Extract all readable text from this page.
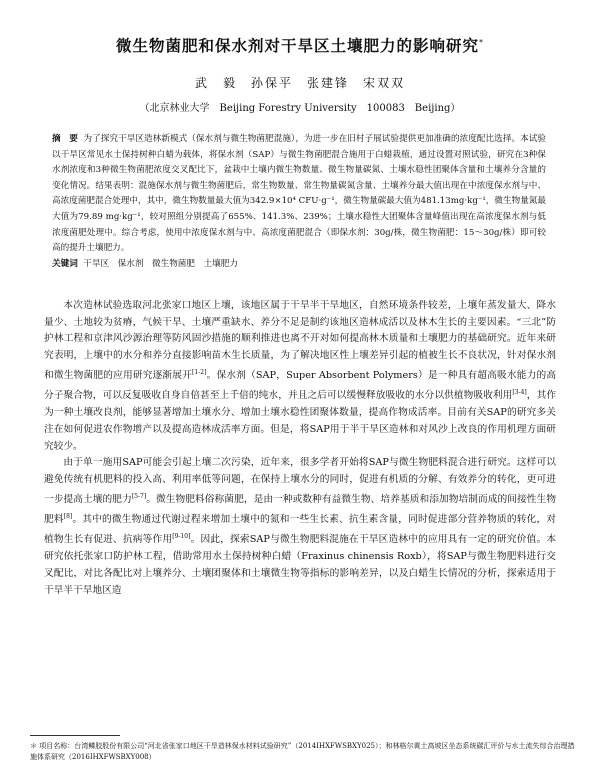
微生物菌肥和保水剂对干旱区土壤肥力的影响研究*
武　毅　孙保平　张建锋　宋双双
（北京林业大学　Beijing Forestry University　100083　Beijing）
摘　要 为了探究干旱区造林新模式（保水剂与微生物菌肥混施），为进一步在旧村子展试验提供更加准确的浓度配比选择。本试验以干旱区常见水土保持树种白蜡为载体，将保水剂（SAP）与微生物菌肥混合施用于白蜡栽植，通过设置对照试验，研究在3种保水剂浓度和3种微生物菌肥浓度交叉配比下，盆栽中土壤内微生物数量、微生物量碳氮、土壤水稳性团聚体含量和土壤养分含量的变化情况。结果表明：混施保水剂与微生物菌肥后，常生物数量、常生物量碳氮含量、土壤养分最大值出现在中浓度保水剂与中、高浓度菌肥混合处理中，其中，微生物数量最大值为342.9×10⁴ CFU·g⁻¹，微生物量碳最大值为481.13mg·kg⁻¹，微生物量氮最大值为79.89 mg·kg⁻¹，较对照组分别提高了655%、141.3%、239%；土壤水稳性大团聚体含量峰值出现在高浓度保水剂与低浓度菌肥处理中。综合考虑，使用中浓度保水剂与中、高浓度菌肥混合（即保水剂：30g/株，微生物菌肥：15～30g/株）即可较高的提升土壤肥力。
关键词 干旱区　保水剂　微生物菌肥　土壤肥力

本次造林试验选取河北张家口地区上壤，该地区属于干旱半干旱地区，自然环境条件较差，上壤年蒸发量大、降水量少、土地较为贫瘠，气候干旱、土壤严重缺水、养分不足是制约该地区造林成活以及林木生长的主要因素。“三北”防护林工程和京津风沙源治理等防风固沙措施的顺利推进也离不开对如何提高林木质量和土壤肥力的基础研究。近年来研究表明，上壤中的水分和养分直接影响苗木生长质量，为了解决地区性上壤差异引起的植被生长不良状况，针对保水剂和微生物菌肥的应用研究逐渐展开[1-2]。保水剂（SAP，Super Absorbent Polymers）是一种具有超高吸水能力的高分子聚合物，可以反复吸收自身自倍甚至上千倍的纯水，并且之后可以缓慢释放吸收的水分以供植物吸收利用[3-4]，其作为一种土壤改良剂，能够显著增加土壤水分、增加土壤水稳性团聚体数量，提高作物成活率。目前有关SAP的研究多关注在如何促进农作物增产以及提高造林成活率方面。但是，将SAP用于半干旱区造林和对风沙上改良的作用机理方面研究较少。

由于单一施用SAP可能会引起上壤二次污染，近年来，很多学者开始将SAP与微生物肥料混合进行研究。这样可以避免传统有机肥料的投入高、利用率低等问题，在保持上壤水分的同时，促进有机质的分解、有效养分的转化，更可进一步提高土壤的肥力[5-7]。微生物肥料俗称菌肥，是由一种或数种有益微生物、培养基质和添加物培制而成的间接性生物肥料[8]。其中的微生物通过代谢过程来增加土壤中的氮和一些生长素、抗生素含量，同时促进部分营养物质的转化，对植物生长有促进、抗病等作用[9-10]。因此，探索SAP与微生物肥料混施在干旱区造林中的应用具有一定的研究价值。本研究依托张家口防护林工程，借助常用水土保持树种白蜡（Fraxinus chinensis Roxb），将SAP与微生物肥料进行交叉配比，对比各配比对上壤养分、土壤团聚体和土壤微生物等指标的影响差异，以及白蜡生长情况的分析，探索适用于干旱半干旱地区造

＊ 项目名称：台湾鳞胶股份有限公司“河北省张家口地区干旱造林保水材料试验研究”（2014IHXFWSBXY025）；和林格尔黄土高坡区坐态系统碳汇评价与水土流失综合治理措施体系研究（2016IHXFWSBXY008）
